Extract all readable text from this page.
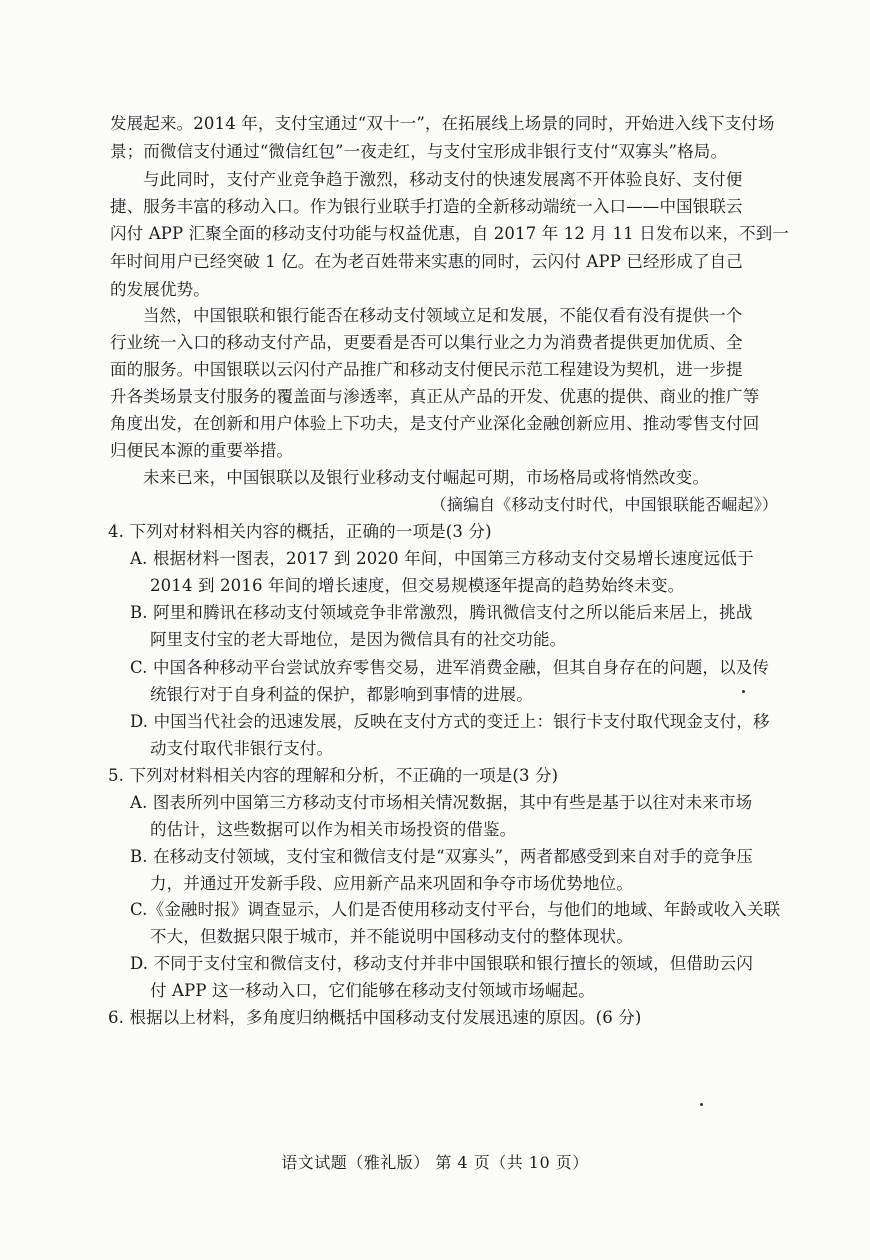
发展起来。2014 年，支付宝通过“双十一”，在拓展线上场景的同时，开始进入线下支付场
景；而微信支付通过“微信红包”一夜走红，与支付宝形成非银行支付“双寡头”格局。
与此同时，支付产业竞争趋于激烈，移动支付的快速发展离不开体验良好、支付便
捷、服务丰富的移动入口。作为银行业联手打造的全新移动端统一入口——中国银联云
闪付 APP 汇聚全面的移动支付功能与权益优惠，自 2017 年 12 月 11 日发布以来，不到一
年时间用户已经突破 1 亿。在为老百姓带来实惠的同时，云闪付 APP 已经形成了自己
的发展优势。
当然，中国银联和银行能否在移动支付领域立足和发展，不能仅看有没有提供一个
行业统一入口的移动支付产品，更要看是否可以集行业之力为消费者提供更加优质、全
面的服务。中国银联以云闪付产品推广和移动支付便民示范工程建设为契机，进一步提
升各类场景支付服务的覆盖面与渗透率，真正从产品的开发、优惠的提供、商业的推广等
角度出发，在创新和用户体验上下功夫，是支付产业深化金融创新应用、推动零售支付回
归便民本源的重要举措。
未来已来，中国银联以及银行业移动支付崛起可期，市场格局或将悄然改变。
（摘编自《移动支付时代，中国银联能否崛起》）
4. 下列对材料相关内容的概括，正确的一项是(3 分)
A. 根据材料一图表，2017 到 2020 年间，中国第三方移动支付交易增长速度远低于
2014 到 2016 年间的增长速度，但交易规模逐年提高的趋势始终未变。
B. 阿里和腾讯在移动支付领域竞争非常激烈，腾讯微信支付之所以能后来居上，挑战
阿里支付宝的老大哥地位，是因为微信具有的社交功能。
C. 中国各种移动平台尝试放弃零售交易，进军消费金融，但其自身存在的问题，以及传
统银行对于自身利益的保护，都影响到事情的进展。
D. 中国当代社会的迅速发展，反映在支付方式的变迁上：银行卡支付取代现金支付，移
动支付取代非银行支付。
5. 下列对材料相关内容的理解和分析，不正确的一项是(3 分)
A. 图表所列中国第三方移动支付市场相关情况数据，其中有些是基于以往对未来市场
的估计，这些数据可以作为相关市场投资的借鉴。
B. 在移动支付领域，支付宝和微信支付是“双寡头”，两者都感受到来自对手的竞争压
力，并通过开发新手段、应用新产品来巩固和争夺市场优势地位。
C.《金融时报》调查显示，人们是否使用移动支付平台，与他们的地域、年龄或收入关联
不大，但数据只限于城市，并不能说明中国移动支付的整体现状。
D. 不同于支付宝和微信支付，移动支付并非中国银联和银行擅长的领域，但借助云闪
付 APP 这一移动入口，它们能够在移动支付领域市场崛起。
6. 根据以上材料，多角度归纳概括中国移动支付发展迅速的原因。(6 分)
语文试题（雅礼版） 第 4 页（共 10 页）
